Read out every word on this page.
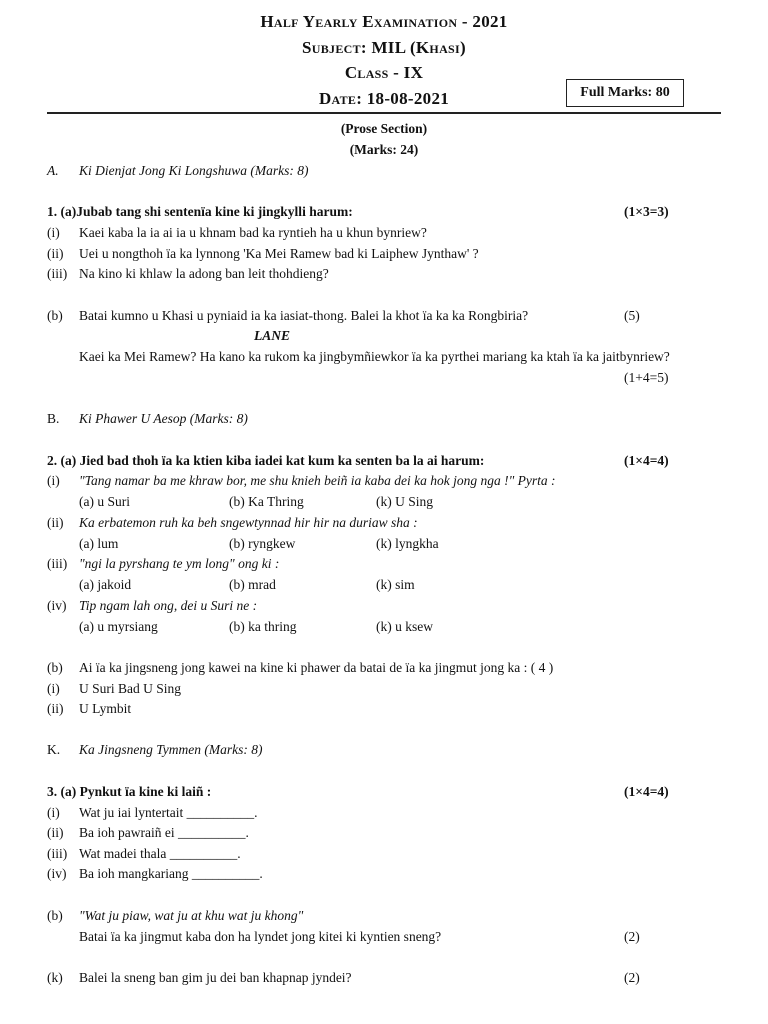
Half Yearly Examination - 2021
Subject: MIL (Khasi)
Class - IX
Date: 18-08-2021	Full Marks: 80
(Prose Section)
(Marks: 24)
A. Ki Dienjat Jong Ki Longshuwa (Marks: 8)
1. (a)Jubab tang shi sentenïa kine ki jingkylli harum:	(1×3=3)
(i) Kaei kaba la ia ai ia u khnam bad ka ryntieh ha u khun bynriew?
(ii) Uei u nongthoh ïa ka lynnong 'Ka Mei Ramew bad ki Laiphew Jynthaw' ?
(iii) Na kino ki khlaw la adong ban leit thohdieng?
(b) Batai kumno u Khasi u pyniaid ia ka iasiat-thong. Balei la khot ïa ka ka Rongbiria?	(5)
LANE
Kaei ka Mei Ramew? Ha kano ka rukom ka jingbymñiewkor ïa ka pyrthei mariang ka ktah ïa ka jaitbynriew?
(1+4=5)
B. Ki Phawer U Aesop (Marks: 8)
2. (a) Jied bad thoh ïa ka ktien kiba iadei kat kum ka senten ba la ai harum:	(1×4=4)
(i) "Tang namar ba me khraw bor, me shu knieh beiñ ia kaba dei ka hok jong nga !" Pyrta :
(a) u Suri	(b) Ka Thring	(k) U Sing
(ii) Ka erbatemon ruh ka beh sngewtynnad hir hir na duriaw sha :
(a) lum	(b) ryngkew	(k) lyngkha
(iii) "ngi la pyrshang te ym long" ong ki :
(a) jakoid	(b) mrad	(k) sim
(iv) Tip ngam lah ong, dei u Suri ne :
(a) u myrsiang	(b) ka thring	(k) u ksew
(b) Ai ïa ka jingsneng jong kawei na kine ki phawer da batai de ïa ka jingmut jong ka : ( 4 )
(i) U Suri Bad U Sing
(ii) U Lymbit
K. Ka Jingsneng Tymmen (Marks: 8)
3. (a) Pynkut ïa kine ki laiñ :	(1×4=4)
(i) Wat ju iai lyntertait __________.
(ii) Ba ioh pawraiñ ei __________.
(iii) Wat madei thala __________.
(iv) Ba ioh mangkariang __________.
(b) "Wat ju piaw, wat ju at khu wat ju khong"
Batai ïa ka jingmut kaba don ha lyndet jong kitei ki kyntien sneng?	(2)
(k) Balei la sneng ban gim ju dei ban khapnap jyndei?	(2)
